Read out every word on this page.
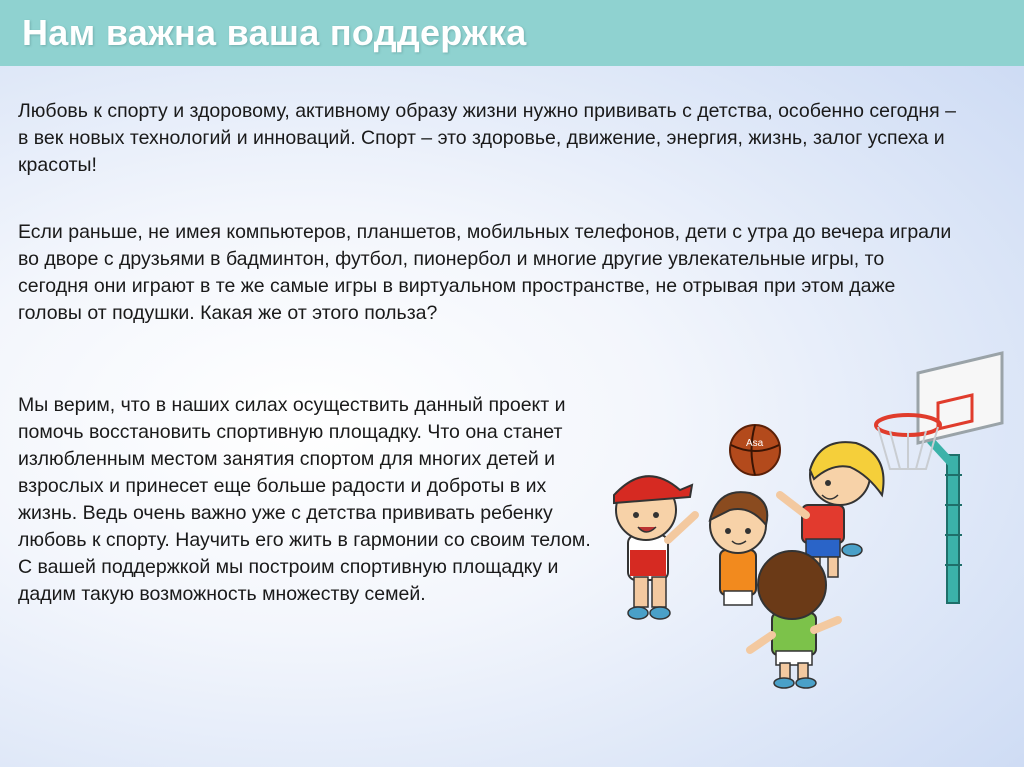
Нам важна ваша поддержка

Любовь к спорту и здоровому, активному образу жизни нужно прививать с детства, особенно сегодня – в век новых технологий и инноваций. Спорт – это здоровье, движение, энергия, жизнь, залог успеха и красоты!

Если раньше, не имея компьютеров, планшетов, мобильных телефонов, дети с утра до вечера играли во дворе с друзьями в бадминтон, футбол, пионербол и многие другие увлекательные игры, то сегодня они играют в те же самые игры в виртуальном пространстве, не отрывая при этом даже головы от подушки. Какая же от этого польза?

Мы верим, что в наших силах осуществить данный проект и помочь восстановить спортивную площадку. Что она станет излюбленным местом занятия спортом для многих детей и взрослых и принесет еще больше радости и доброты в их жизнь. Ведь очень важно уже с детства прививать ребенку любовь к спорту. Научить его жить в гармонии со своим телом. С вашей поддержкой мы построим спортивную площадку и дадим такую возможность множеству семей.

Asa
